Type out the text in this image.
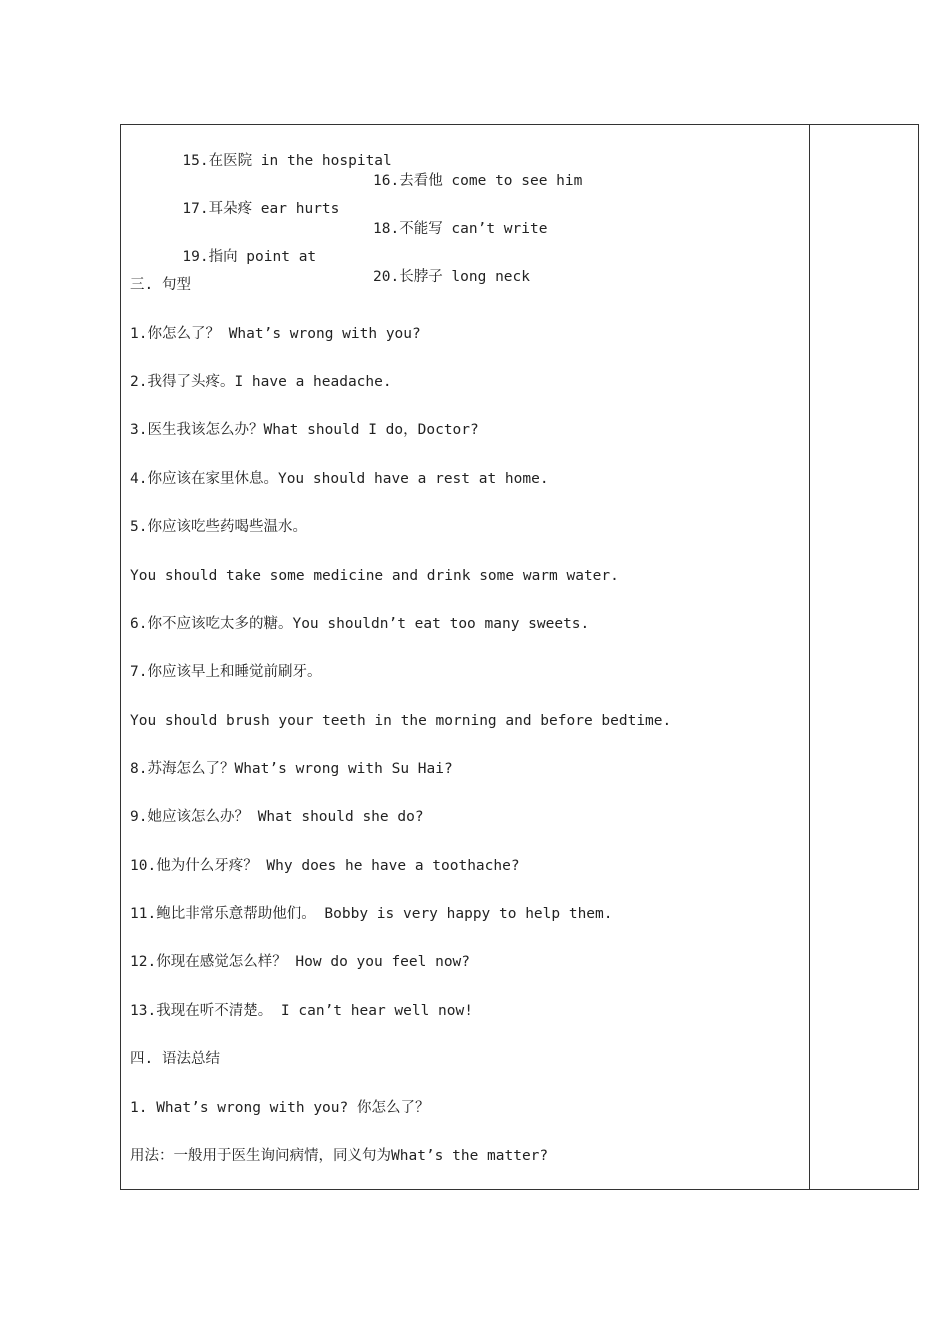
15.在医院 in the hospital

16.去看他 come to see him

17.耳朵疼 ear hurts

18.不能写 can’t write

19.指向 point at

20.长脖子 long neck

三. 句型
1.你怎么了？ What’s wrong with you?
2.我得了头疼。I have a headache.
3.医生我该怎么办？What should I do，Doctor?
4.你应该在家里休息。You should have a rest at home.
5.你应该吃些药喝些温水。
You should take some medicine and drink some warm water.
6.你不应该吃太多的糖。You shouldn’t eat too many sweets.
7.你应该早上和睡觉前刷牙。
You should brush your teeth in the morning and before bedtime.
8.苏海怎么了？What’s wrong with Su Hai?
9.她应该怎么办？ What should she do?
10.他为什么牙疼？ Why does he have a toothache?
11.鲍比非常乐意帮助他们。 Bobby is very happy to help them.
12.你现在感觉怎么样？ How do you feel now?
13.我现在听不清楚。 I can’t hear well now!
四. 语法总结
1. What’s wrong with you? 你怎么了？
用法：一般用于医生询问病情，同义句为What’s the matter?
